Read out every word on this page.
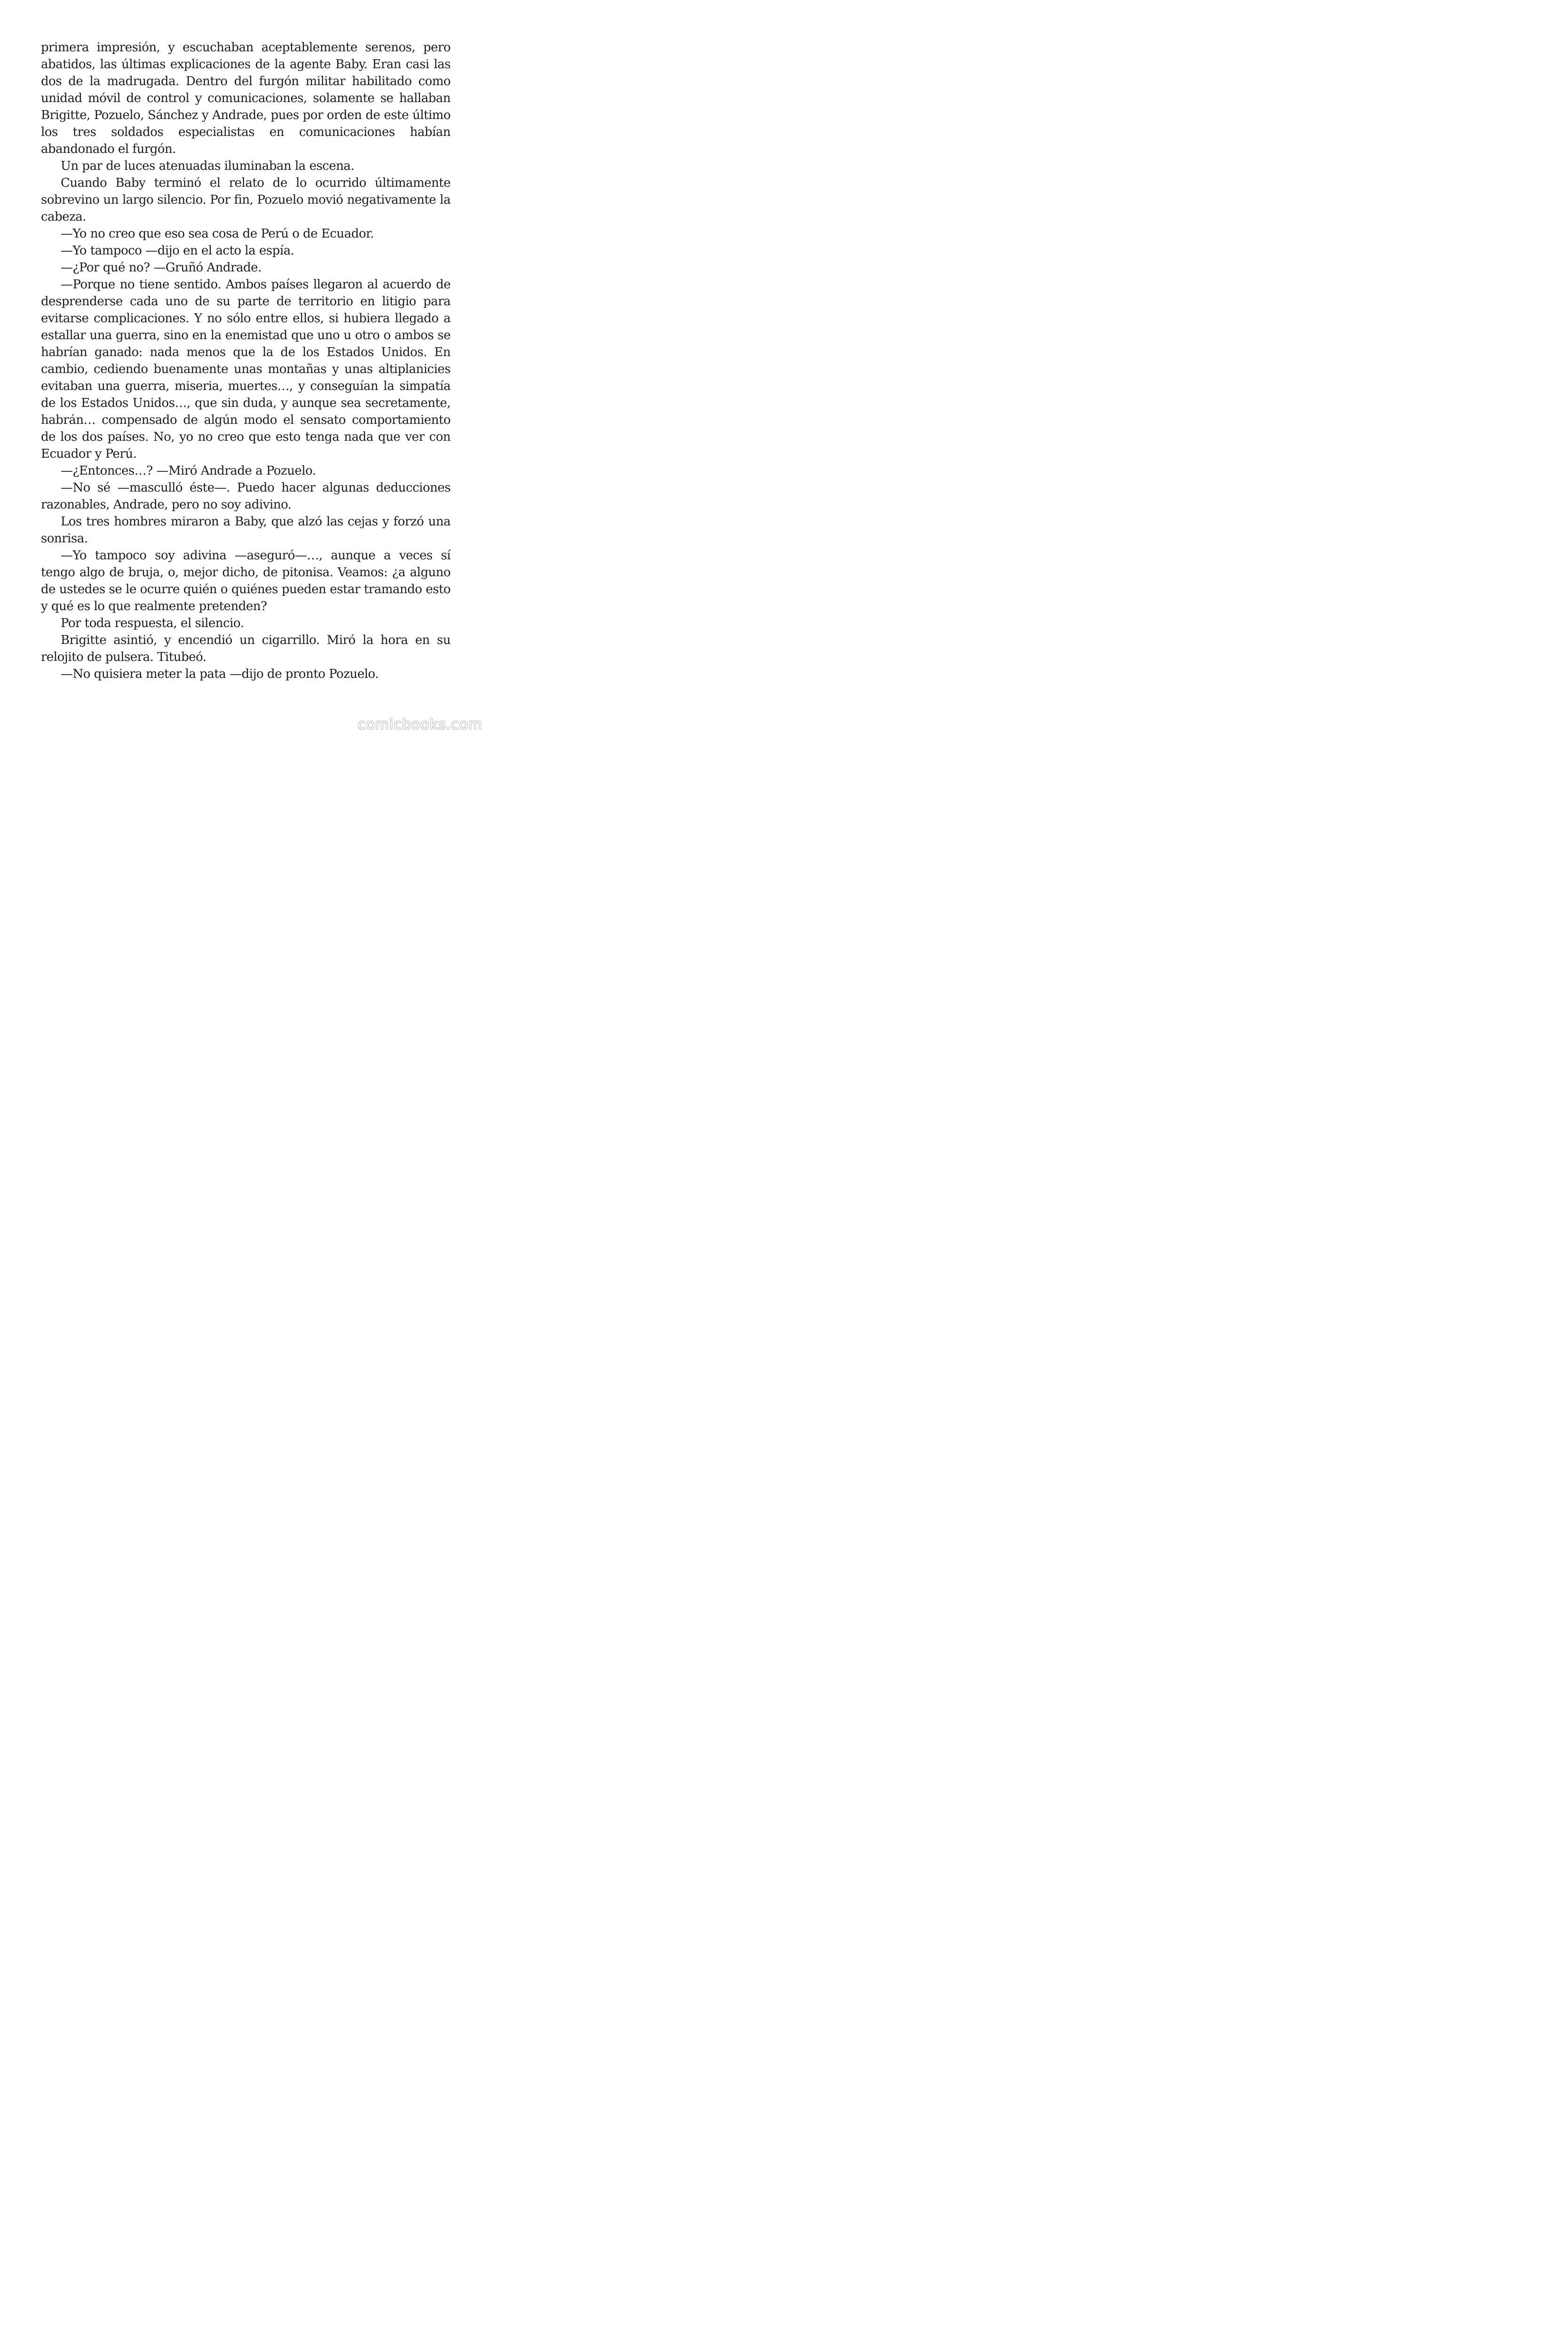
primera impresión, y escuchaban aceptablemente serenos, pero abatidos, las últimas explicaciones de la agente Baby. Eran casi las dos de la madrugada. Dentro del furgón militar habilitado como unidad móvil de control y comunicaciones, solamente se hallaban Brigitte, Pozuelo, Sánchez y Andrade, pues por orden de este último los tres soldados especialistas en comunicaciones habían abandonado el furgón.

Un par de luces atenuadas iluminaban la escena.

Cuando Baby terminó el relato de lo ocurrido últimamente sobrevino un largo silencio. Por fin, Pozuelo movió negativamente la cabeza.

—Yo no creo que eso sea cosa de Perú o de Ecuador.

—Yo tampoco —dijo en el acto la espía.

—¿Por qué no? —Gruñó Andrade.

—Porque no tiene sentido. Ambos países llegaron al acuerdo de desprenderse cada uno de su parte de territorio en litigio para evitarse complicaciones. Y no sólo entre ellos, si hubiera llegado a estallar una guerra, sino en la enemistad que uno u otro o ambos se habrían ganado: nada menos que la de los Estados Unidos. En cambio, cediendo buenamente unas montañas y unas altiplanicies evitaban una guerra, miseria, muertes…, y conseguían la simpatía de los Estados Unidos…, que sin duda, y aunque sea secretamente, habrán… compensado de algún modo el sensato comportamiento de los dos países. No, yo no creo que esto tenga nada que ver con Ecuador y Perú.

—¿Entonces…? —Miró Andrade a Pozuelo.

—No sé —masculló éste—. Puedo hacer algunas deducciones razonables, Andrade, pero no soy adivino.

Los tres hombres miraron a Baby, que alzó las cejas y forzó una sonrisa.

—Yo tampoco soy adivina —aseguró—…, aunque a veces sí tengo algo de bruja, o, mejor dicho, de pitonisa. Veamos: ¿a alguno de ustedes se le ocurre quién o quiénes pueden estar tramando esto y qué es lo que realmente pretenden?

Por toda respuesta, el silencio.

Brigitte asintió, y encendió un cigarrillo. Miró la hora en su relojito de pulsera. Titubeó.

—No quisiera meter la pata —dijo de pronto Pozuelo.

comicbooks.com
